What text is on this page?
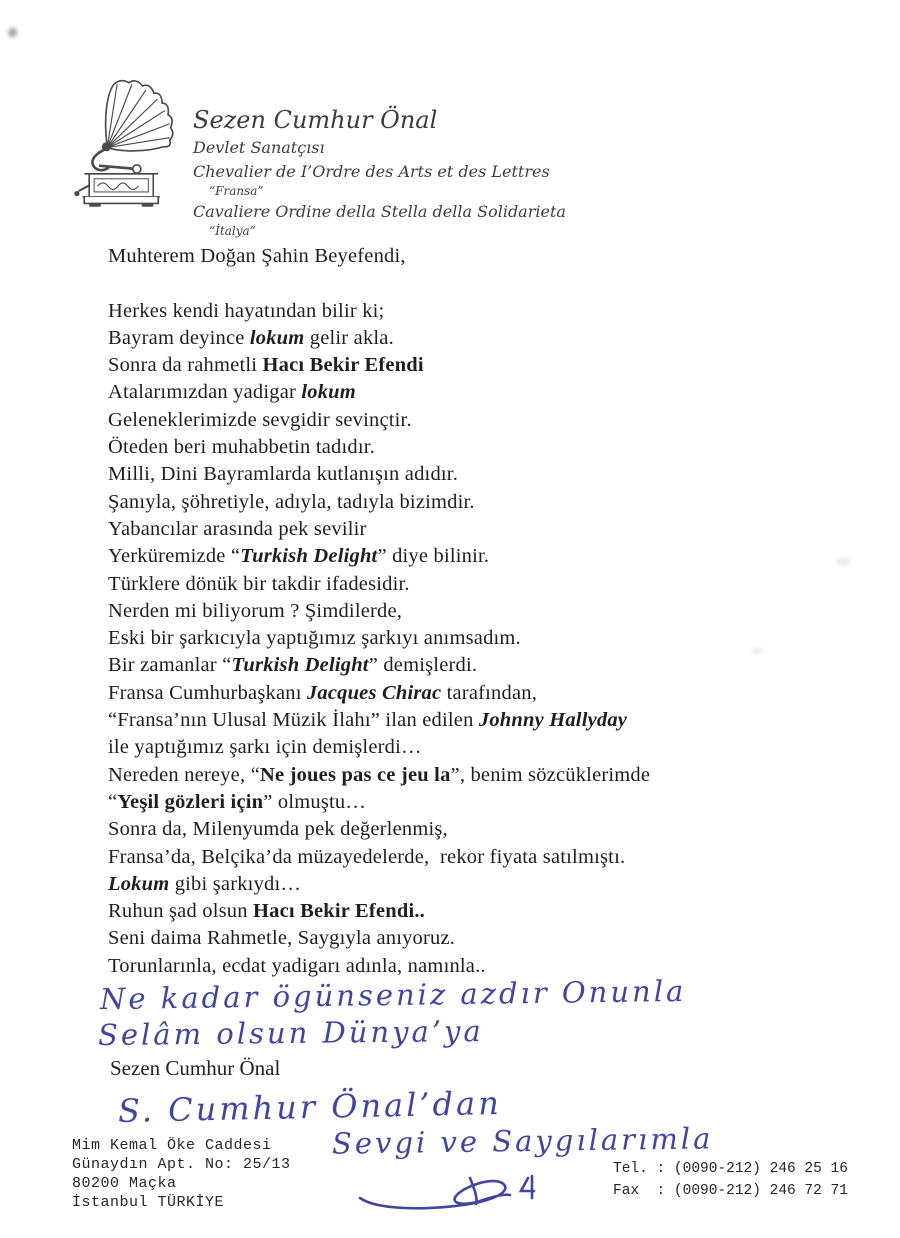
Sezen Cumhur Önal
Devlet Sanatçısı
Chevalier de I’Ordre des Arts et des Lettres
“Fransa”
Cavaliere Ordine della Stella della Solidarieta
“İtalya”
Muhterem Doğan Şahin Beyefendi,
Herkes kendi hayatından bilir ki;
Bayram deyince lokum gelir akla.
Sonra da rahmetli Hacı Bekir Efendi
Atalarımızdan yadigar lokum
Geleneklerimizde sevgidir sevinçtir.
Öteden beri muhabbetin tadıdır.
Milli, Dini Bayramlarda kutlanışın adıdır.
Şanıyla, şöhretiyle, adıyla, tadıyla bizimdir.
Yabancılar arasında pek sevilir
Yerküremizde “Turkish Delight” diye bilinir.
Türklere dönük bir takdir ifadesidir.
Nerden mi biliyorum ? Şimdilerde,
Eski bir şarkıcıyla yaptığımız şarkıyı anımsadım.
Bir zamanlar “Turkish Delight” demişlerdi.
Fransa Cumhurbaşkanı Jacques Chirac tarafından,
“Fransa’nın Ulusal Müzik İlahı” ilan edilen Johnny Hallyday
ile yaptığımız şarkı için demişlerdi…
Nereden nereye, “Ne joues pas ce jeu la”, benim sözcüklerimde
“Yeşil gözleri için” olmuştu…
Sonra da, Milenyumda pek değerlenmiş,
Fransa’da, Belçika’da müzayedelerde,  rekor fiyata satılmıştı.
Lokum gibi şarkıydı…
Ruhun şad olsun Hacı Bekir Efendi..
Seni daima Rahmetle, Saygıyla anıyoruz.
Torunlarınla, ecdat yadigarı adınla, namınla..
Ne kadar ögünseniz azdır Onunla
Selâm olsun Dünya’ya
Sezen Cumhur Önal
S. Cumhur Önal’dan
Sevgi ve Saygılarımla
Mim Kemal Öke Caddesi
Günaydın Apt. No: 25/13
80200 Maçka
İstanbul TÜRKİYE
Tel. : (0090-212) 246 25 16
Fax  : (0090-212) 246 72 71
